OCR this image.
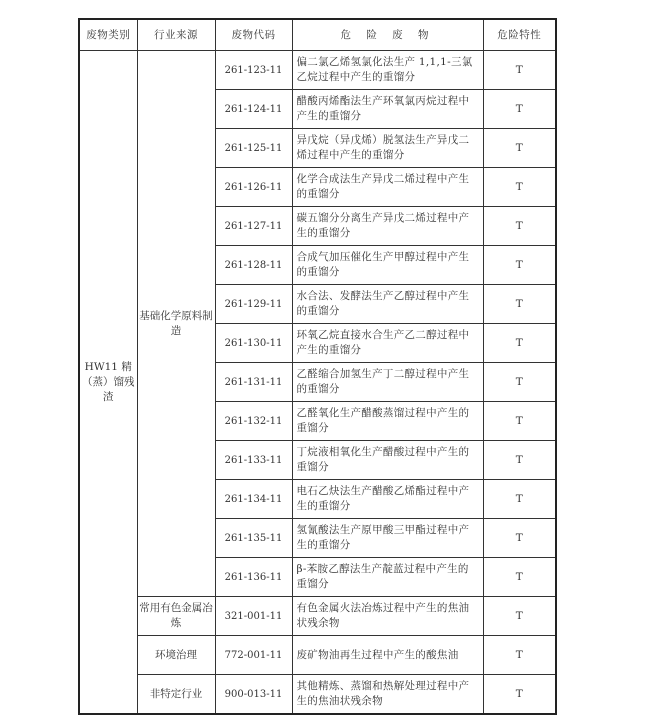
废物类别	行业来源	废物代码	危 险 废 物	危险特性
HW11 精（蒸）馏残渣	基础化学原料制造	261-123-11	偏二氯乙烯氢氯化法生产 1,1,1-三氯乙烷过程中产生的重馏分	T
		261-124-11	醋酸丙烯酯法生产环氧氯丙烷过程中产生的重馏分	T
		261-125-11	异戊烷（异戊烯）脱氢法生产异戊二烯过程中产生的重馏分	T
		261-126-11	化学合成法生产异戊二烯过程中产生的重馏分	T
		261-127-11	碳五馏分分离生产异戊二烯过程中产生的重馏分	T
		261-128-11	合成气加压催化生产甲醇过程中产生的重馏分	T
		261-129-11	水合法、发酵法生产乙醇过程中产生的重馏分	T
		261-130-11	环氧乙烷直接水合生产乙二醇过程中产生的重馏分	T
		261-131-11	乙醛缩合加氢生产丁二醇过程中产生的重馏分	T
		261-132-11	乙醛氧化生产醋酸蒸馏过程中产生的重馏分	T
		261-133-11	丁烷液相氧化生产醋酸过程中产生的重馏分	T
		261-134-11	电石乙炔法生产醋酸乙烯酯过程中产生的重馏分	T
		261-135-11	氢氰酸法生产原甲酸三甲酯过程中产生的重馏分	T
		261-136-11	β-苯胺乙醇法生产靛蓝过程中产生的重馏分	T
	常用有色金属冶炼	321-001-11	有色金属火法冶炼过程中产生的焦油状残余物	T
	环境治理	772-001-11	废矿物油再生过程中产生的酸焦油	T
	非特定行业	900-013-11	其他精炼、蒸馏和热解处理过程中产生的焦油状残余物	T
